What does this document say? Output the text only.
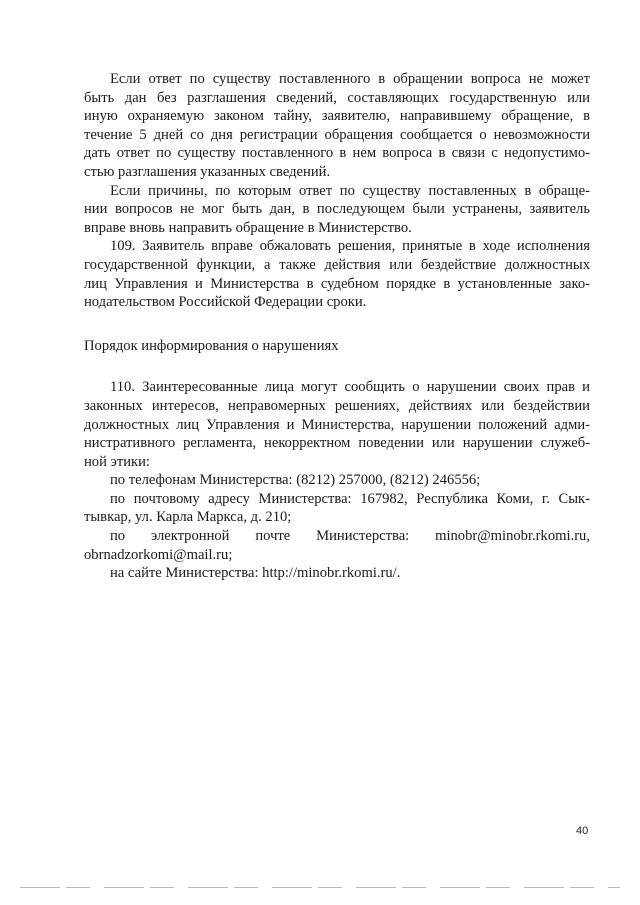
Если ответ по существу поставленного в обращении вопроса не может
быть дан без разглашения сведений, составляющих государственную или
иную охраняемую законом тайну, заявителю, направившему обращение, в
течение 5 дней со дня регистрации обращения сообщается о невозможности
дать ответ по существу поставленного в нем вопроса в связи с недопустимо-
стью разглашения указанных сведений.

Если причины, по которым ответ по существу поставленных в обраще-
нии вопросов не мог быть дан, в последующем были устранены, заявитель
вправе вновь направить обращение в Министерство.

109. Заявитель вправе обжаловать решения, принятые в ходе исполнения
государственной функции, а также действия или бездействие должностных
лиц Управления и Министерства в судебном порядке в установленные зако-
нодательством Российской Федерации сроки.

Порядок информирования о нарушениях

110. Заинтересованные лица могут сообщить о нарушении своих прав и
законных интересов, неправомерных решениях, действиях или бездействии
должностных лиц Управления и Министерства, нарушении положений адми-
нистративного регламента, некорректном поведении или нарушении служеб-
ной этики:

по телефонам Министерства: (8212) 257000, (8212) 246556;
по почтовому адресу Министерства: 167982, Республика Коми, г. Сык-
тывкар, ул. Карла Маркса, д. 210;
по электронной почте Министерства: minobr@minobr.rkomi.ru,
obrnadzorkomi@mail.ru;
на сайте Министерства: http://minobr.rkomi.ru/.
40
